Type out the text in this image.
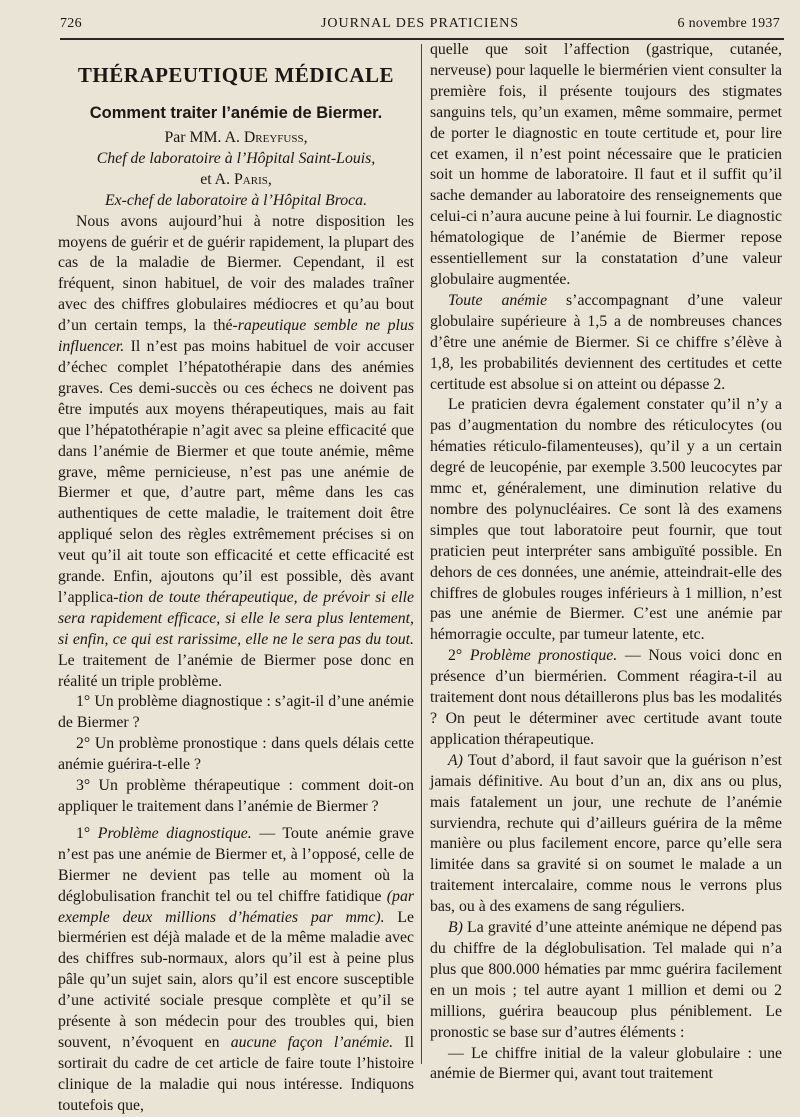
726	JOURNAL DES PRATICIENS	6 novembre 1937
THÉRAPEUTIQUE MÉDICALE
Comment traiter l’anémie de Biermer.

Par MM. A. Dreyfuss,

Chef de laboratoire à l’Hôpital Saint-Louis,

et A. Paris,

Ex-chef de laboratoire à l’Hôpital Broca.

Nous avons aujourd’hui à notre disposition les moyens de guérir et de guérir rapidement, la plupart des cas de la maladie de Biermer. Cependant, il est fréquent, sinon habituel, de voir des malades traîner avec des chiffres globulaires médiocres et qu’au bout d’un certain temps, la thé-rapeutique semble ne plus influencer. Il n’est pas moins habituel de voir accuser d’échec complet l’hépatothérapie dans des anémies graves. Ces demi-succès ou ces échecs ne doivent pas être imputés aux moyens thérapeutiques, mais au fait que l’hépatothérapie n’agit avec sa pleine efficacité que dans l’anémie de Biermer et que toute anémie, même grave, même pernicieuse, n’est pas une anémie de Biermer et que, d’autre part, même dans les cas authentiques de cette maladie, le traitement doit être appliqué selon des règles extrêmement précises si on veut qu’il ait toute son efficacité et cette efficacité est grande. Enfin, ajoutons qu’il est possible, dès avant l’applica-tion de toute thérapeutique, de prévoir si elle sera rapidement efficace, si elle le sera plus lentement, si enfin, ce qui est rarissime, elle ne le sera pas du tout. Le traitement de l’anémie de Biermer pose donc en réalité un triple problème.

1° Un problème diagnostique : s’agit-il d’une anémie de Biermer ?

2° Un problème pronostique : dans quels délais cette anémie guérira-t-elle ?

3° Un problème thérapeutique : comment doit-on appliquer le traitement dans l’anémie de Biermer ?

1° Problème diagnostique. — Toute anémie grave n’est pas une anémie de Biermer et, à l’opposé, celle de Biermer ne devient pas telle au moment où la déglobulisation franchit tel ou tel chiffre fatidique (par exemple deux millions d’hématies par mmc). Le biermérien est déjà malade et de la même maladie avec des chiffres sub-normaux, alors qu’il est à peine plus pâle qu’un sujet sain, alors qu’il est encore susceptible d’une activité sociale presque complète et qu’il se présente à son médecin pour des troubles qui, bien souvent, n’évoquent en aucune façon l’anémie. Il sortirait du cadre de cet article de faire toute l’histoire clinique de la maladie qui nous intéresse. Indiquons toutefois que,

quelle que soit l’affection (gastrique, cutanée, nerveuse) pour laquelle le biermérien vient consulter la première fois, il présente toujours des stigmates sanguins tels, qu’un examen, même sommaire, permet de porter le diagnostic en toute certitude et, pour lire cet examen, il n’est point nécessaire que le praticien soit un homme de laboratoire. Il faut et il suffit qu’il sache demander au laboratoire des renseignements que celui-ci n’aura aucune peine à lui fournir. Le diagnostic hématologique de l’anémie de Biermer repose essentiellement sur la constatation d’une valeur globulaire augmentée.

Toute anémie s’accompagnant d’une valeur globulaire supérieure à 1,5 a de nombreuses chances d’être une anémie de Biermer. Si ce chiffre s’élève à 1,8, les probabilités deviennent des certitudes et cette certitude est absolue si on atteint ou dépasse 2.

Le praticien devra également constater qu’il n’y a pas d’augmentation du nombre des réticulocytes (ou hématies réticulo-filamenteuses), qu’il y a un certain degré de leucopénie, par exemple 3.500 leucocytes par mmc et, généralement, une diminution relative du nombre des polynucléaires. Ce sont là des examens simples que tout laboratoire peut fournir, que tout praticien peut interpréter sans ambiguïté possible. En dehors de ces données, une anémie, atteindrait-elle des chiffres de globules rouges inférieurs à 1 million, n’est pas une anémie de Biermer. C’est une anémie par hémorragie occulte, par tumeur latente, etc.

2° Problème pronostique. — Nous voici donc en présence d’un biermérien. Comment réagira-t-il au traitement dont nous détaillerons plus bas les modalités ? On peut le déterminer avec certitude avant toute application thérapeutique.

A) Tout d’abord, il faut savoir que la guérison n’est jamais définitive. Au bout d’un an, dix ans ou plus, mais fatalement un jour, une rechute de l’anémie surviendra, rechute qui d’ailleurs guérira de la même manière ou plus facilement encore, parce qu’elle sera limitée dans sa gravité si on soumet le malade a un traitement intercalaire, comme nous le verrons plus bas, ou à des examens de sang réguliers.

B) La gravité d’une atteinte anémique ne dépend pas du chiffre de la déglobulisation. Tel malade qui n’a plus que 800.000 hématies par mmc guérira facilement en un mois ; tel autre ayant 1 million et demi ou 2 millions, guérira beaucoup plus péniblement. Le pronostic se base sur d’autres éléments :

— Le chiffre initial de la valeur globulaire : une anémie de Biermer qui, avant tout traitement
